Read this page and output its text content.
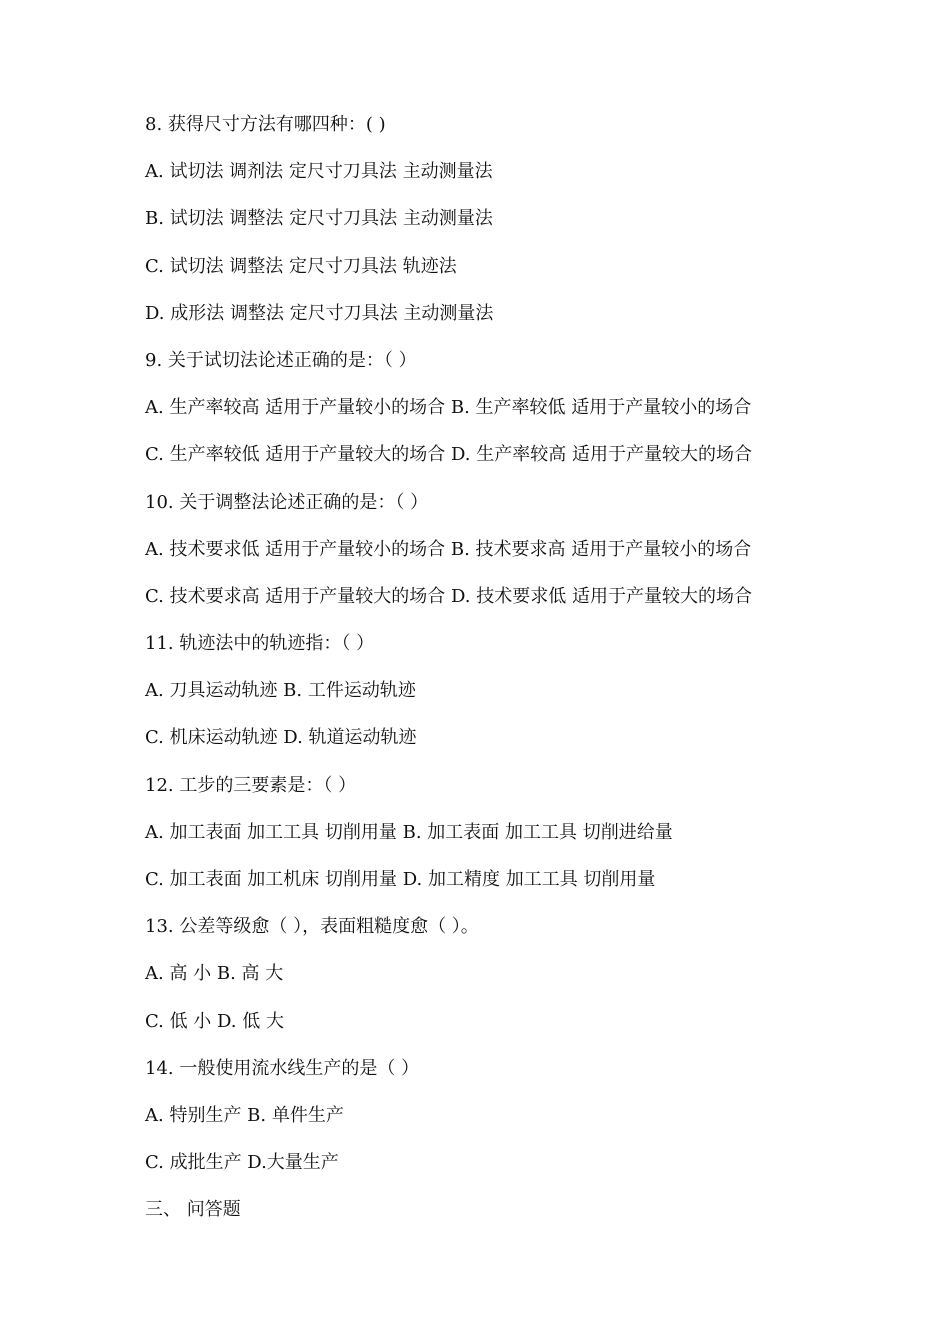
8. 获得尺寸方法有哪四种：( )
A. 试切法 调剂法 定尺寸刀具法 主动测量法
B. 试切法 调整法 定尺寸刀具法 主动测量法
C. 试切法 调整法 定尺寸刀具法 轨迹法
D. 成形法 调整法 定尺寸刀具法 主动测量法
9. 关于试切法论述正确的是：（ ）
A. 生产率较高 适用于产量较小的场合 B. 生产率较低 适用于产量较小的场合
C. 生产率较低 适用于产量较大的场合 D. 生产率较高 适用于产量较大的场合
10. 关于调整法论述正确的是：（ ）
A. 技术要求低 适用于产量较小的场合 B. 技术要求高 适用于产量较小的场合
C. 技术要求高 适用于产量较大的场合 D. 技术要求低 适用于产量较大的场合
11. 轨迹法中的轨迹指：（ ）
A. 刀具运动轨迹 B. 工件运动轨迹
C. 机床运动轨迹 D. 轨道运动轨迹
12. 工步的三要素是：（ ）
A. 加工表面 加工工具 切削用量 B. 加工表面 加工工具 切削进给量
C. 加工表面 加工机床 切削用量 D. 加工精度 加工工具 切削用量
13. 公差等级愈（ ），表面粗糙度愈（ ）。
A. 高 小 B. 高 大
C. 低 小 D. 低 大
14. 一般使用流水线生产的是（ ）
A. 特别生产 B. 单件生产
C. 成批生产 D.大量生产
三、 问答题
